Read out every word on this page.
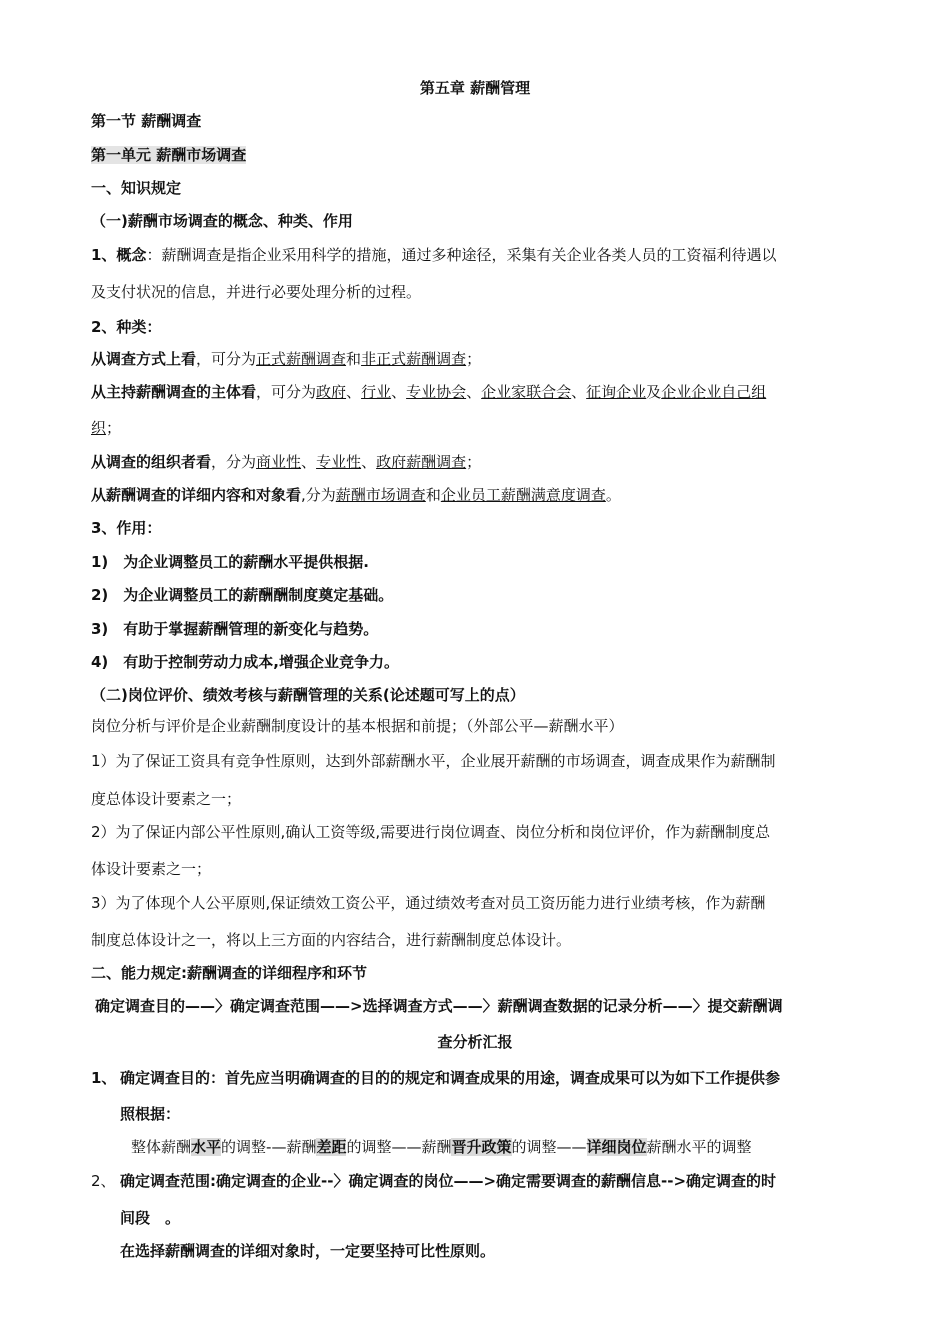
第五章 薪酬管理
第一节 薪酬调查
第一单元 薪酬市场调查
一、知识规定
（一)薪酬市场调查的概念、种类、作用
1、概念：薪酬调查是指企业采用科学的措施，通过多种途径，采集有关企业各类人员的工资福利待遇以
及支付状况的信息，并进行必要处理分析的过程。
2、种类：
从调查方式上看，可分为正式薪酬调查和非正式薪酬调查；
从主持薪酬调查的主体看，可分为政府、行业、专业协会、企业家联合会、征询企业及企业企业自己组
织；
从调查的组织者看，分为商业性、专业性、政府薪酬调查；
从薪酬调查的详细内容和对象看,分为薪酬市场调查和企业员工薪酬满意度调查。
3、作用：
1)　为企业调整员工的薪酬水平提供根据.
2)　为企业调整员工的薪酬酬制度奠定基础。
3)　有助于掌握薪酬管理的新变化与趋势。
4)　有助于控制劳动力成本,增强企业竞争力。
（二)岗位评价、绩效考核与薪酬管理的关系(论述题可写上的点）
岗位分析与评价是企业薪酬制度设计的基本根据和前提；（外部公平—薪酬水平）
1）为了保证工资具有竞争性原则，达到外部薪酬水平，企业展开薪酬的市场调查，调查成果作为薪酬制
度总体设计要素之一；
2）为了保证内部公平性原则,确认工资等级,需要进行岗位调查、岗位分析和岗位评价，作为薪酬制度总
体设计要素之一；
3）为了体现个人公平原则,保证绩效工资公平，通过绩效考查对员工资历能力进行业绩考核，作为薪酬
制度总体设计之一，将以上三方面的内容结合，进行薪酬制度总体设计。
二、能力规定:薪酬调查的详细程序和环节
确定调查目的——〉确定调查范围——>选择调查方式——〉薪酬调查数据的记录分析——〉提交薪酬调
查分析汇报
1、 确定调查目的：首先应当明确调查的目的的规定和调查成果的用途，调查成果可以为如下工作提供参
照根据：
整体薪酬水平的调整-—薪酬差距的调整——薪酬晋升政策的调整——详细岗位薪酬水平的调整
2、 确定调查范围:确定调查的企业--〉确定调查的岗位——>确定需要调查的薪酬信息-->确定调查的时
间段　。
在选择薪酬调查的详细对象时，一定要坚持可比性原则。
